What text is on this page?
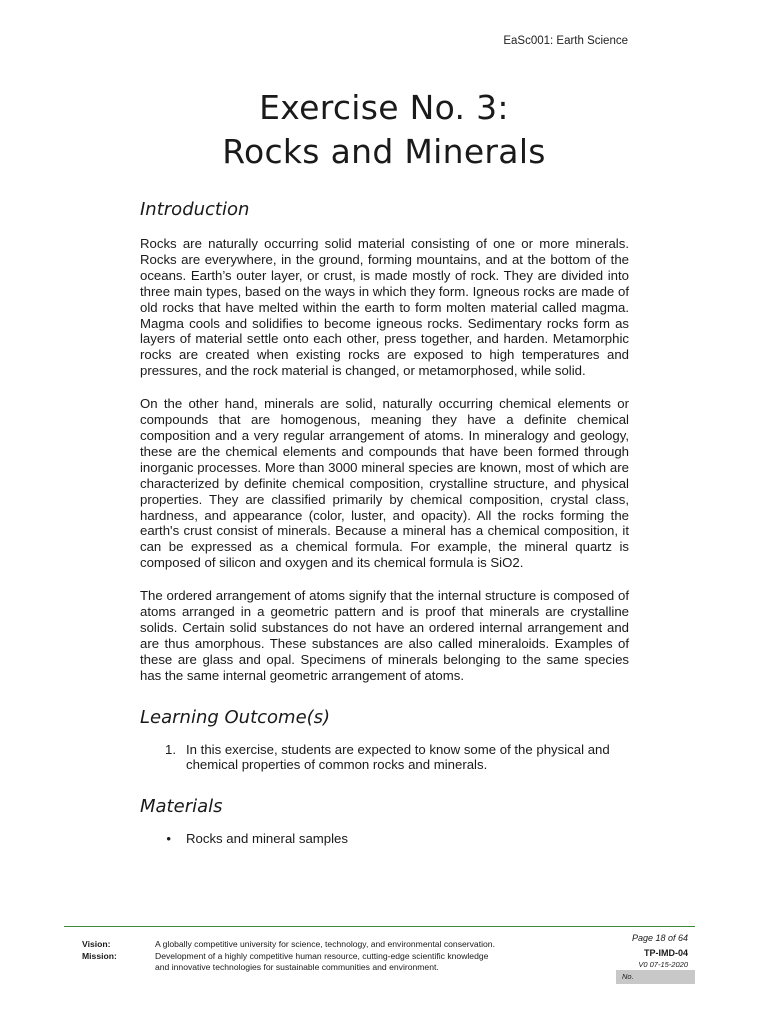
EaSc001: Earth Science
Exercise No. 3:
Rocks and Minerals
Introduction

Rocks are naturally occurring solid material consisting of one or more minerals. Rocks are everywhere, in the ground, forming mountains, and at the bottom of the oceans. Earth’s outer layer, or crust, is made mostly of rock. They are divided into three main types, based on the ways in which they form. Igneous rocks are made of old rocks that have melted within the earth to form molten material called magma. Magma cools and solidifies to become igneous rocks. Sedimentary rocks form as layers of material settle onto each other, press together, and harden. Metamorphic rocks are created when existing rocks are exposed to high temperatures and pressures, and the rock material is changed, or metamorphosed, while solid.

On the other hand, minerals are solid, naturally occurring chemical elements or compounds that are homogenous, meaning they have a definite chemical composition and a very regular arrangement of atoms. In mineralogy and geology, these are the chemical elements and compounds that have been formed through inorganic processes. More than 3000 mineral species are known, most of which are characterized by definite chemical composition, crystalline structure, and physical properties. They are classified primarily by chemical composition, crystal class, hardness, and appearance (color, luster, and opacity). All the rocks forming the earth's crust consist of minerals. Because a mineral has a chemical composition, it can be expressed as a chemical formula. For example, the mineral quartz is composed of silicon and oxygen and its chemical formula is SiO2.

The ordered arrangement of atoms signify that the internal structure is composed of atoms arranged in a geometric pattern and is proof that minerals are crystalline solids. Certain solid substances do not have an ordered internal arrangement and are thus amorphous. These substances are also called mineraloids. Examples of these are glass and opal. Specimens of minerals belonging to the same species has the same internal geometric arrangement of atoms.

Learning Outcome(s)
1. In this exercise, students are expected to know some of the physical and chemical properties of common rocks and minerals.
Materials
•	Rocks and mineral samples
Vision:
Mission:
A globally competitive university for science, technology, and environmental conservation.
Development of a highly competitive human resource, cutting-edge scientific knowledge
and innovative technologies for sustainable communities and environment.
Page 18 of 64
TP-IMD-04
V0 07-15-2020
No.
